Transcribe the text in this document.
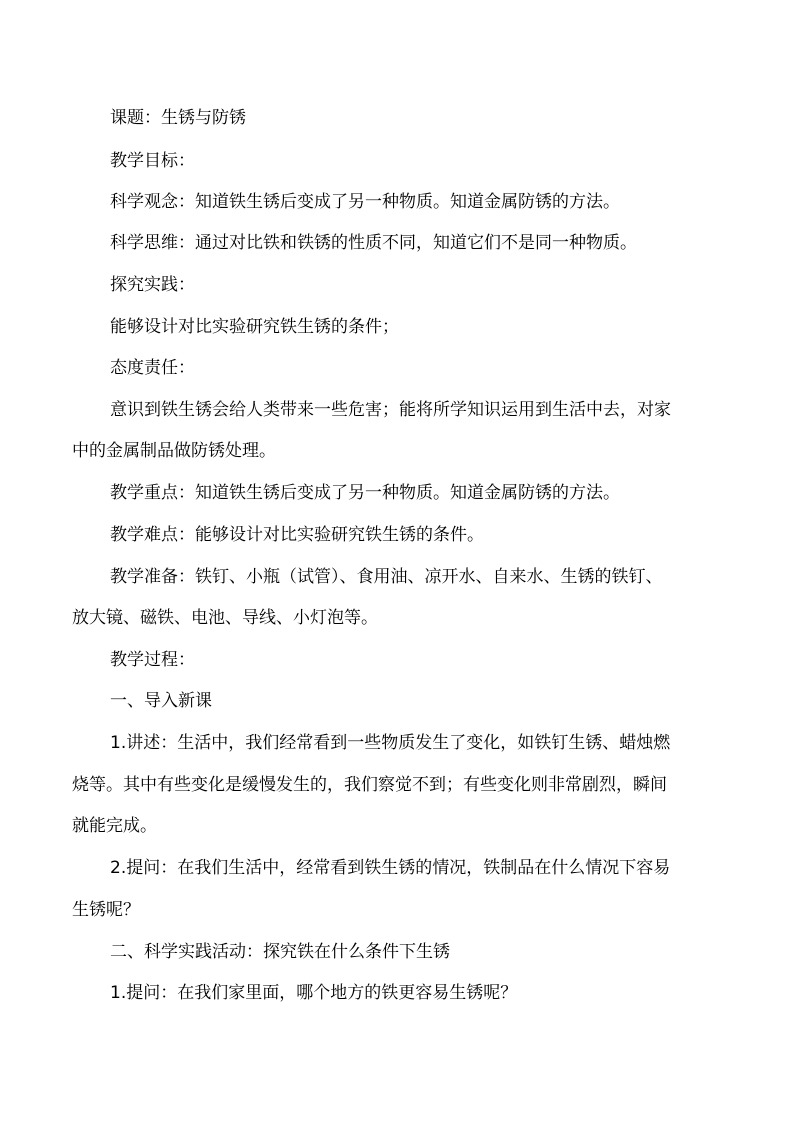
课题：生锈与防锈
教学目标：
科学观念：知道铁生锈后变成了另一种物质。知道金属防锈的方法。
科学思维：通过对比铁和铁锈的性质不同，知道它们不是同一种物质。
探究实践：
能够设计对比实验研究铁生锈的条件；
态度责任：
意识到铁生锈会给人类带来一些危害；能将所学知识运用到生活中去，对家
中的金属制品做防锈处理。
教学重点：知道铁生锈后变成了另一种物质。知道金属防锈的方法。
教学难点：能够设计对比实验研究铁生锈的条件。
教学准备：铁钉、小瓶（试管）、食用油、凉开水、自来水、生锈的铁钉、
放大镜、磁铁、电池、导线、小灯泡等。
教学过程：
一、导入新课
1.讲述：生活中，我们经常看到一些物质发生了变化，如铁钉生锈、蜡烛燃
烧等。其中有些变化是缓慢发生的，我们察觉不到；有些变化则非常剧烈，瞬间
就能完成。
2.提问：在我们生活中，经常看到铁生锈的情况，铁制品在什么情况下容易
生锈呢？
二、科学实践活动：探究铁在什么条件下生锈
1.提问：在我们家里面，哪个地方的铁更容易生锈呢？
